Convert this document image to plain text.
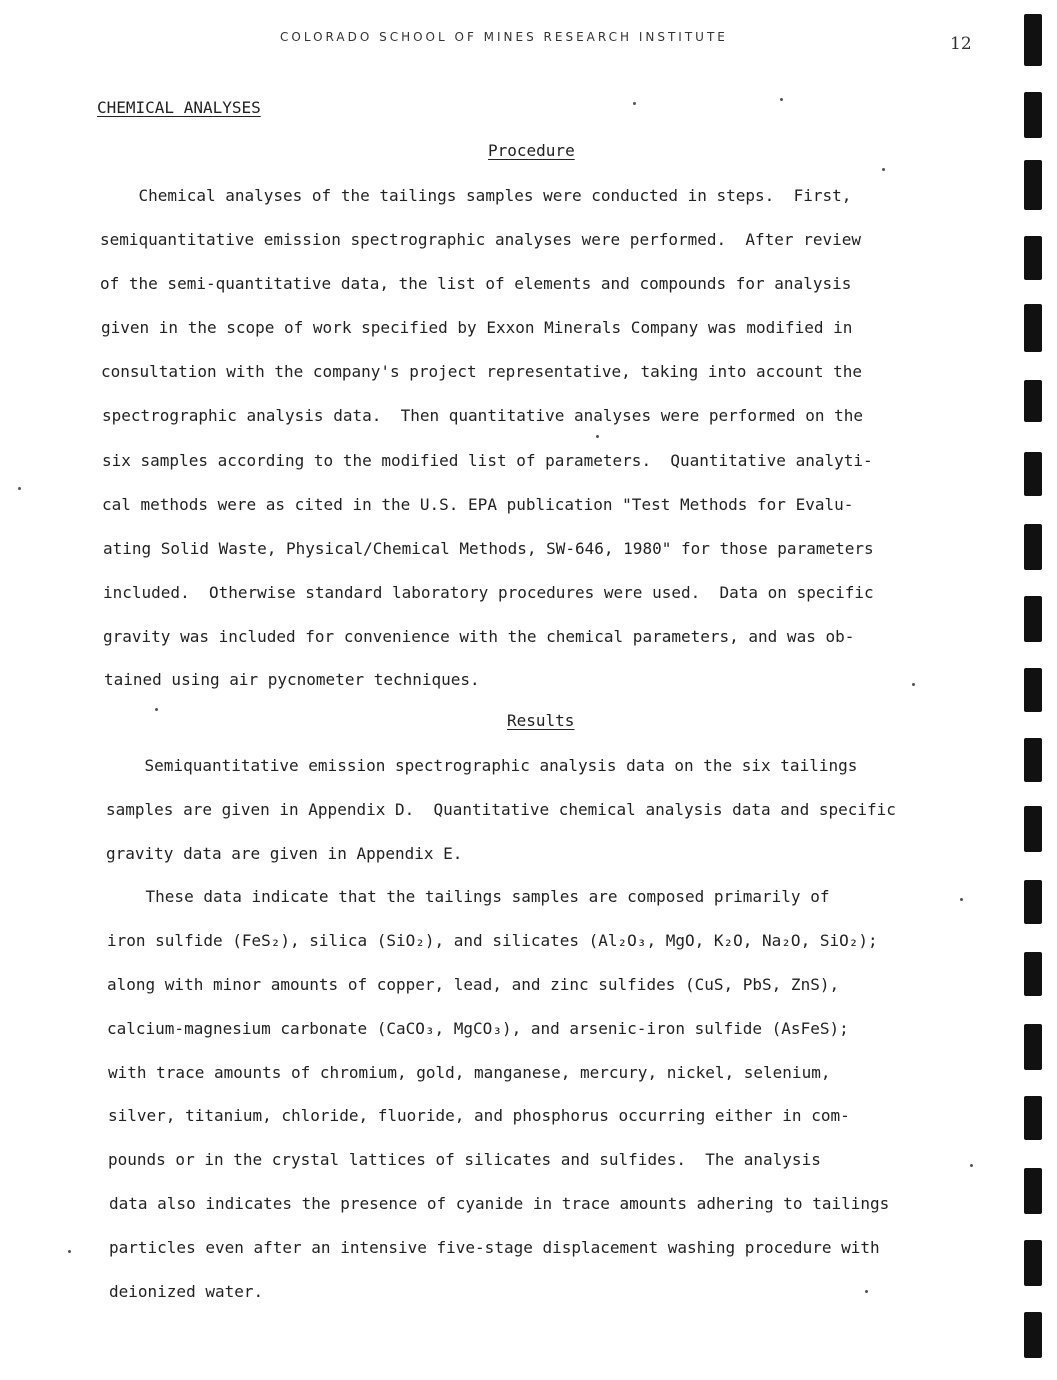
COLORADO SCHOOL OF MINES RESEARCH INSTITUTE	12
CHEMICAL ANALYSES
Procedure
Chemical analyses of the tailings samples were conducted in steps.  First,
semiquantitative emission spectrographic analyses were performed.  After review
of the semi-quantitative data, the list of elements and compounds for analysis
given in the scope of work specified by Exxon Minerals Company was modified in
consultation with the company's project representative, taking into account the
spectrographic analysis data.  Then quantitative analyses were performed on the
six samples according to the modified list of parameters.  Quantitative analyti-
cal methods were as cited in the U.S. EPA publication "Test Methods for Evalu-
ating Solid Waste, Physical/Chemical Methods, SW-646, 1980" for those parameters
included.  Otherwise standard laboratory procedures were used.  Data on specific
gravity was included for convenience with the chemical parameters, and was ob-
tained using air pycnometer techniques.
Results
Semiquantitative emission spectrographic analysis data on the six tailings
samples are given in Appendix D.  Quantitative chemical analysis data and specific
gravity data are given in Appendix E.
These data indicate that the tailings samples are composed primarily of
iron sulfide (FeS₂), silica (SiO₂), and silicates (Al₂O₃, MgO, K₂O, Na₂O, SiO₂);
along with minor amounts of copper, lead, and zinc sulfides (CuS, PbS, ZnS),
calcium-magnesium carbonate (CaCO₃, MgCO₃), and arsenic-iron sulfide (AsFeS);
with trace amounts of chromium, gold, manganese, mercury, nickel, selenium,
silver, titanium, chloride, fluoride, and phosphorus occurring either in com-
pounds or in the crystal lattices of silicates and sulfides.  The analysis
data also indicates the presence of cyanide in trace amounts adhering to tailings
particles even after an intensive five-stage displacement washing procedure with
deionized water.
